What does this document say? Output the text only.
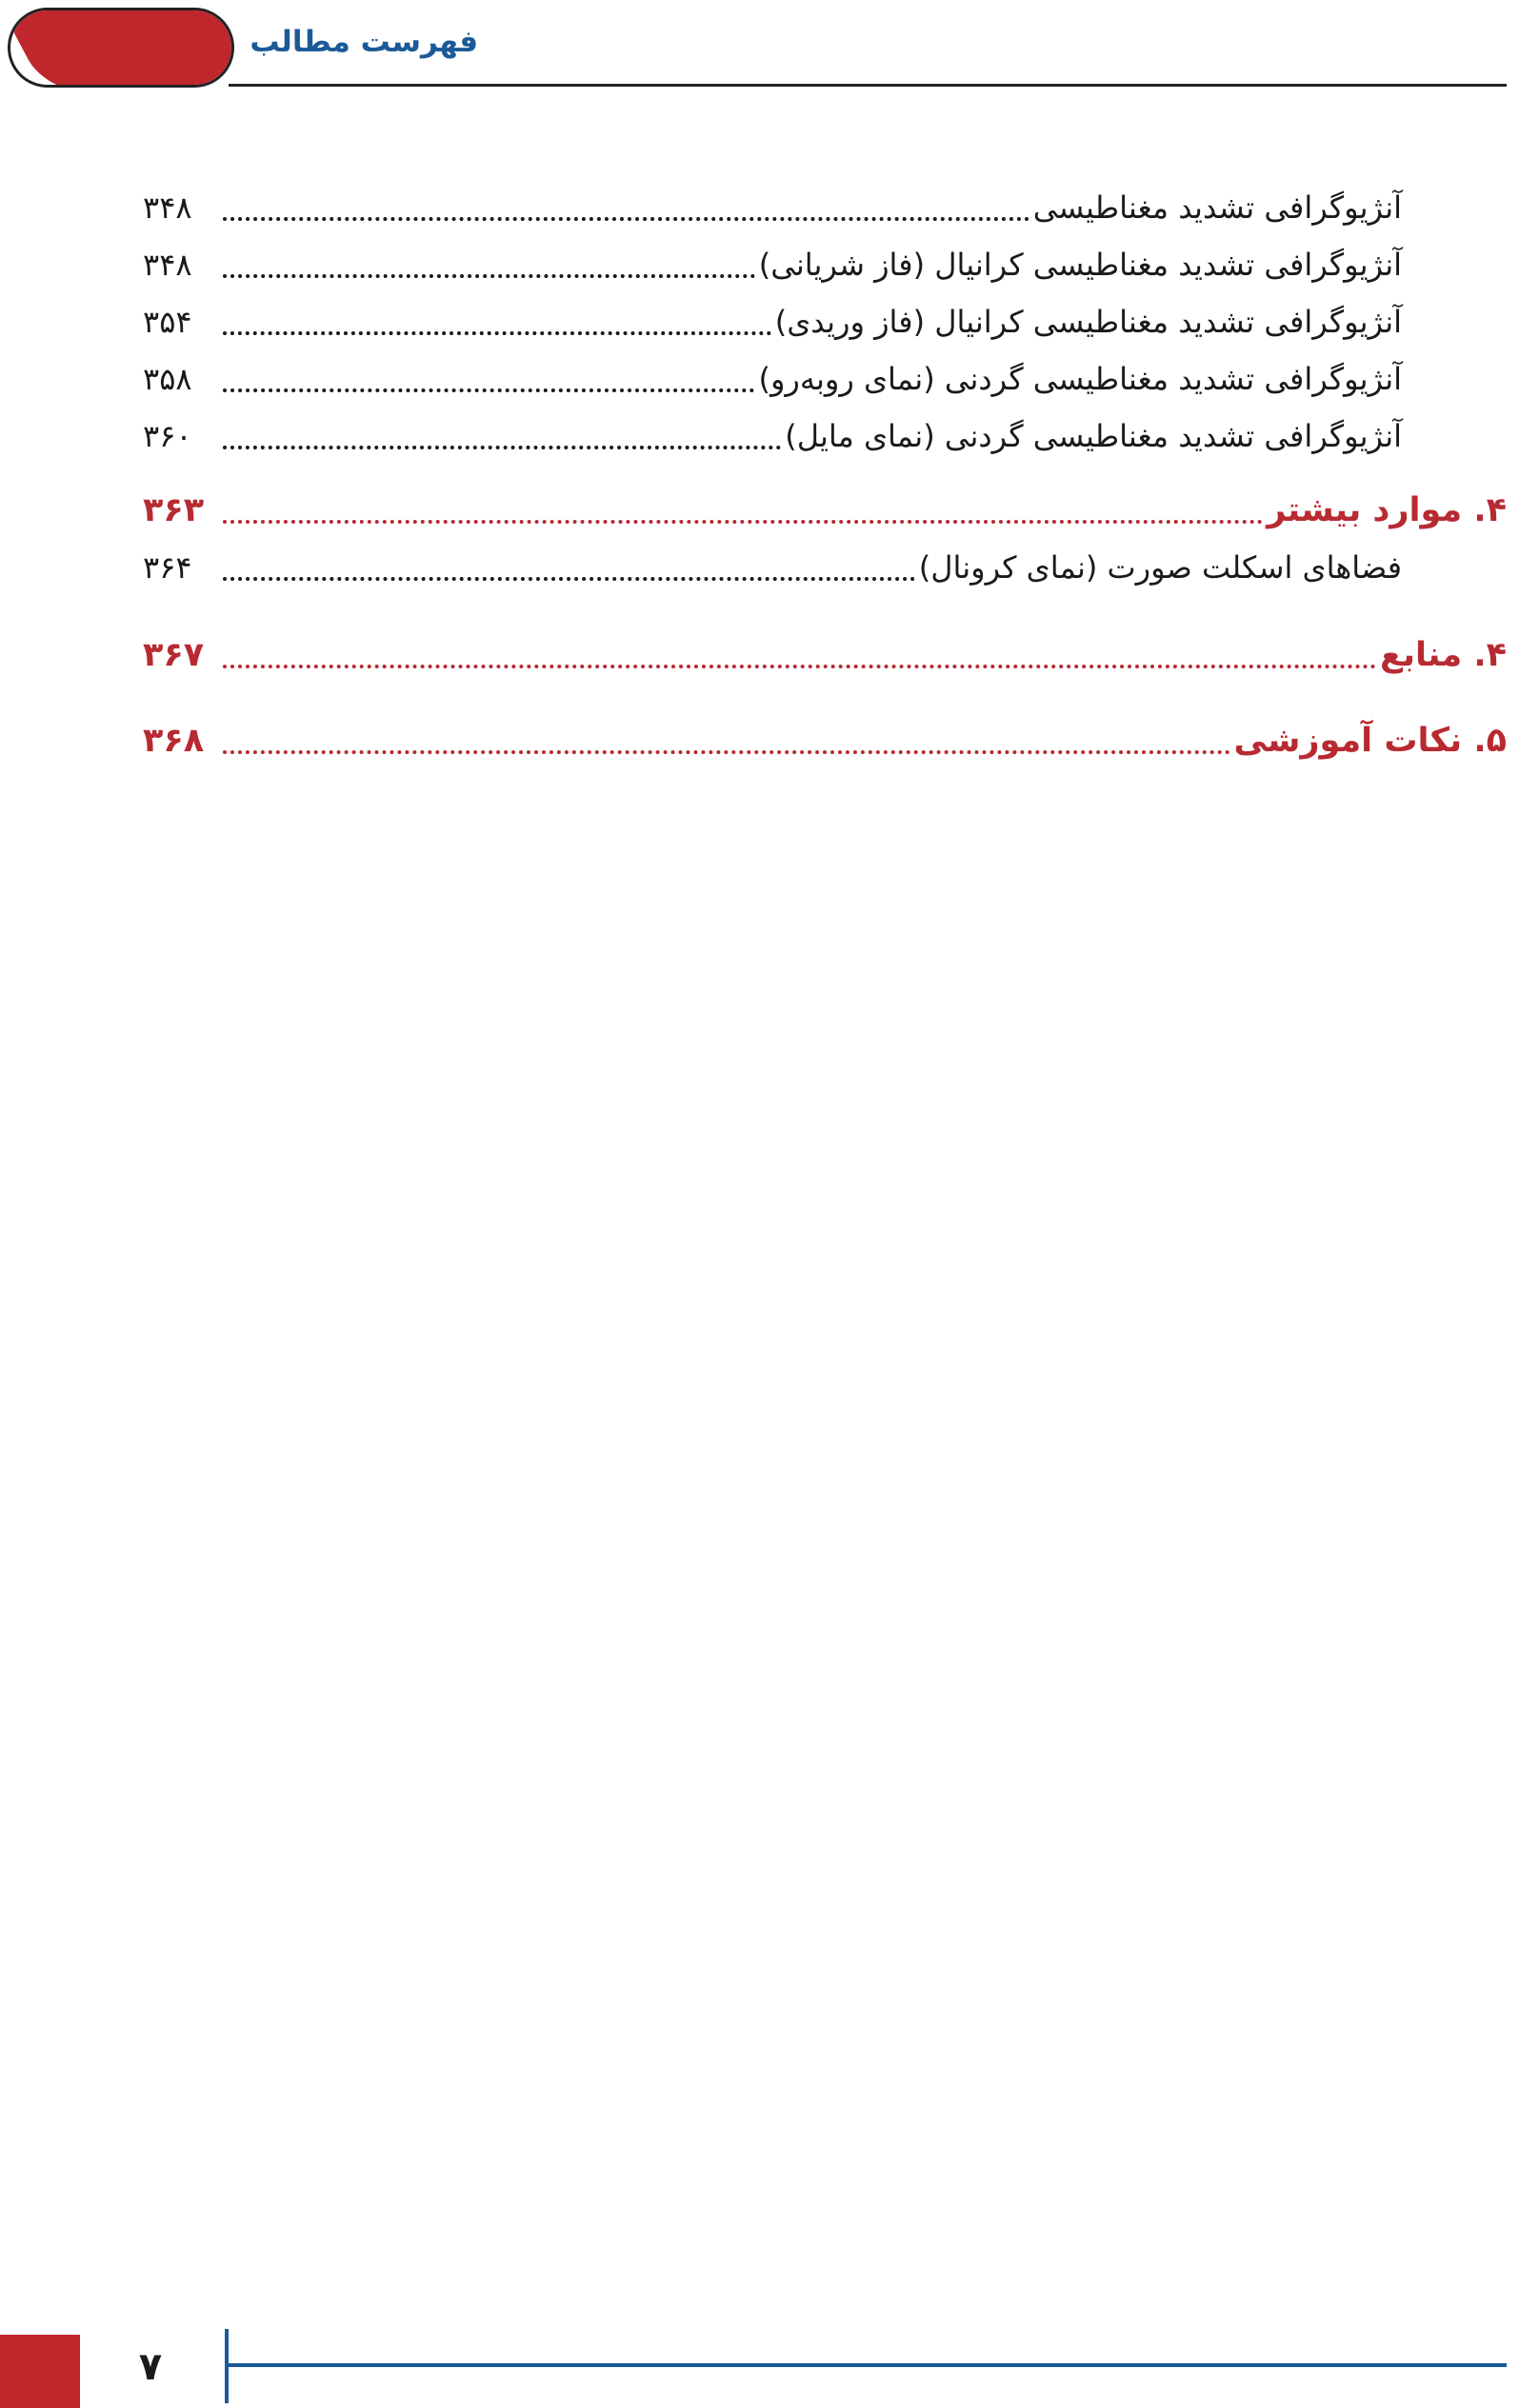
فهرست مطالب
آنژیوگرافی تشدید مغناطیسی
۳۴۸
آنژیوگرافی تشدید مغناطیسی کرانیال (فاز شریانی)
۳۴۸
آنژیوگرافی تشدید مغناطیسی کرانیال (فاز وریدی)
۳۵۴
آنژیوگرافی تشدید مغناطیسی گردنی (نمای روبه‌رو)
۳۵۸
آنژیوگرافی تشدید مغناطیسی گردنی (نمای مایل)
۳۶۰
۴. موارد بیشتر
۳۶۳
فضاهای اسکلت صورت (نمای کرونال)
۳۶۴
۴. منابع
۳۶۷
۵. نکات آموزشی
۳۶۸
۷
